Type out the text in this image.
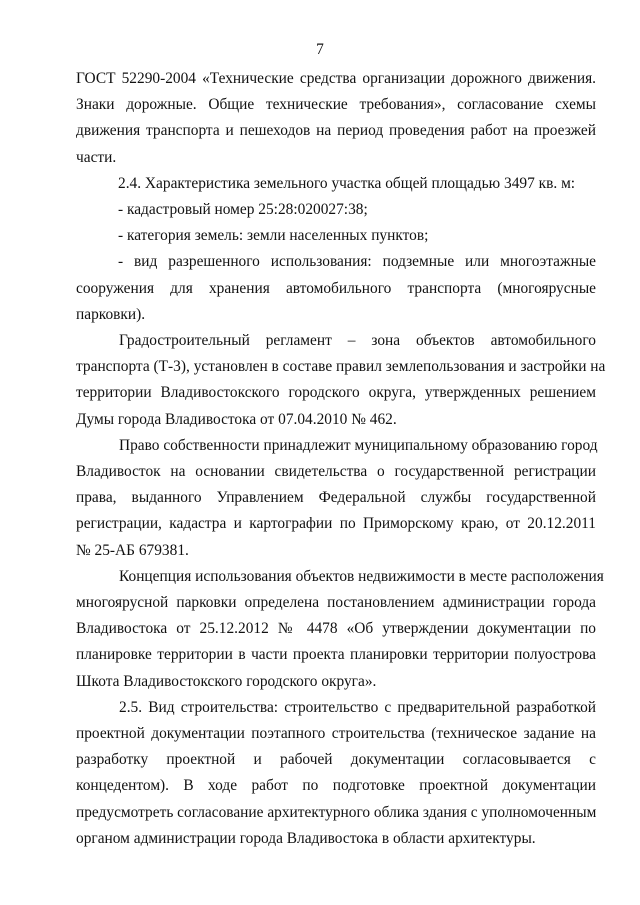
7
ГОСТ 52290-2004 «Технические средства организации дорожного движения.
Знаки дорожные. Общие технические требования», согласование схемы
движения транспорта и пешеходов на период проведения работ на проезжей
части.
2.4. Характеристика земельного участка общей площадью 3497 кв. м:
- кадастровый номер 25:28:020027:38;
- категория земель: земли населенных пунктов;
- вид разрешенного использования: подземные или многоэтажные
сооружения для хранения автомобильного транспорта (многоярусные
парковки).
Градостроительный регламент – зона объектов автомобильного
транспорта (Т-3), установлен в составе правил землепользования и застройки на
территории Владивостокского городского округа, утвержденных решением
Думы города Владивостока от 07.04.2010 № 462.
Право собственности принадлежит муниципальному образованию город
Владивосток на основании свидетельства о государственной регистрации
права, выданного Управлением Федеральной службы государственной
регистрации, кадастра и картографии по Приморскому краю, от 20.12.2011
№ 25-АБ 679381.
Концепция использования объектов недвижимости в месте расположения
многоярусной парковки определена постановлением администрации города
Владивостока от 25.12.2012 № 4478 «Об утверждении документации по
планировке территории в части проекта планировки территории полуострова
Шкота Владивостокского городского округа».
2.5. Вид строительства: строительство с предварительной разработкой
проектной документации поэтапного строительства (техническое задание на
разработку проектной и рабочей документации согласовывается с
концедентом). В ходе работ по подготовке проектной документации
предусмотреть согласование архитектурного облика здания с уполномоченным
органом администрации города Владивостока в области архитектуры.
